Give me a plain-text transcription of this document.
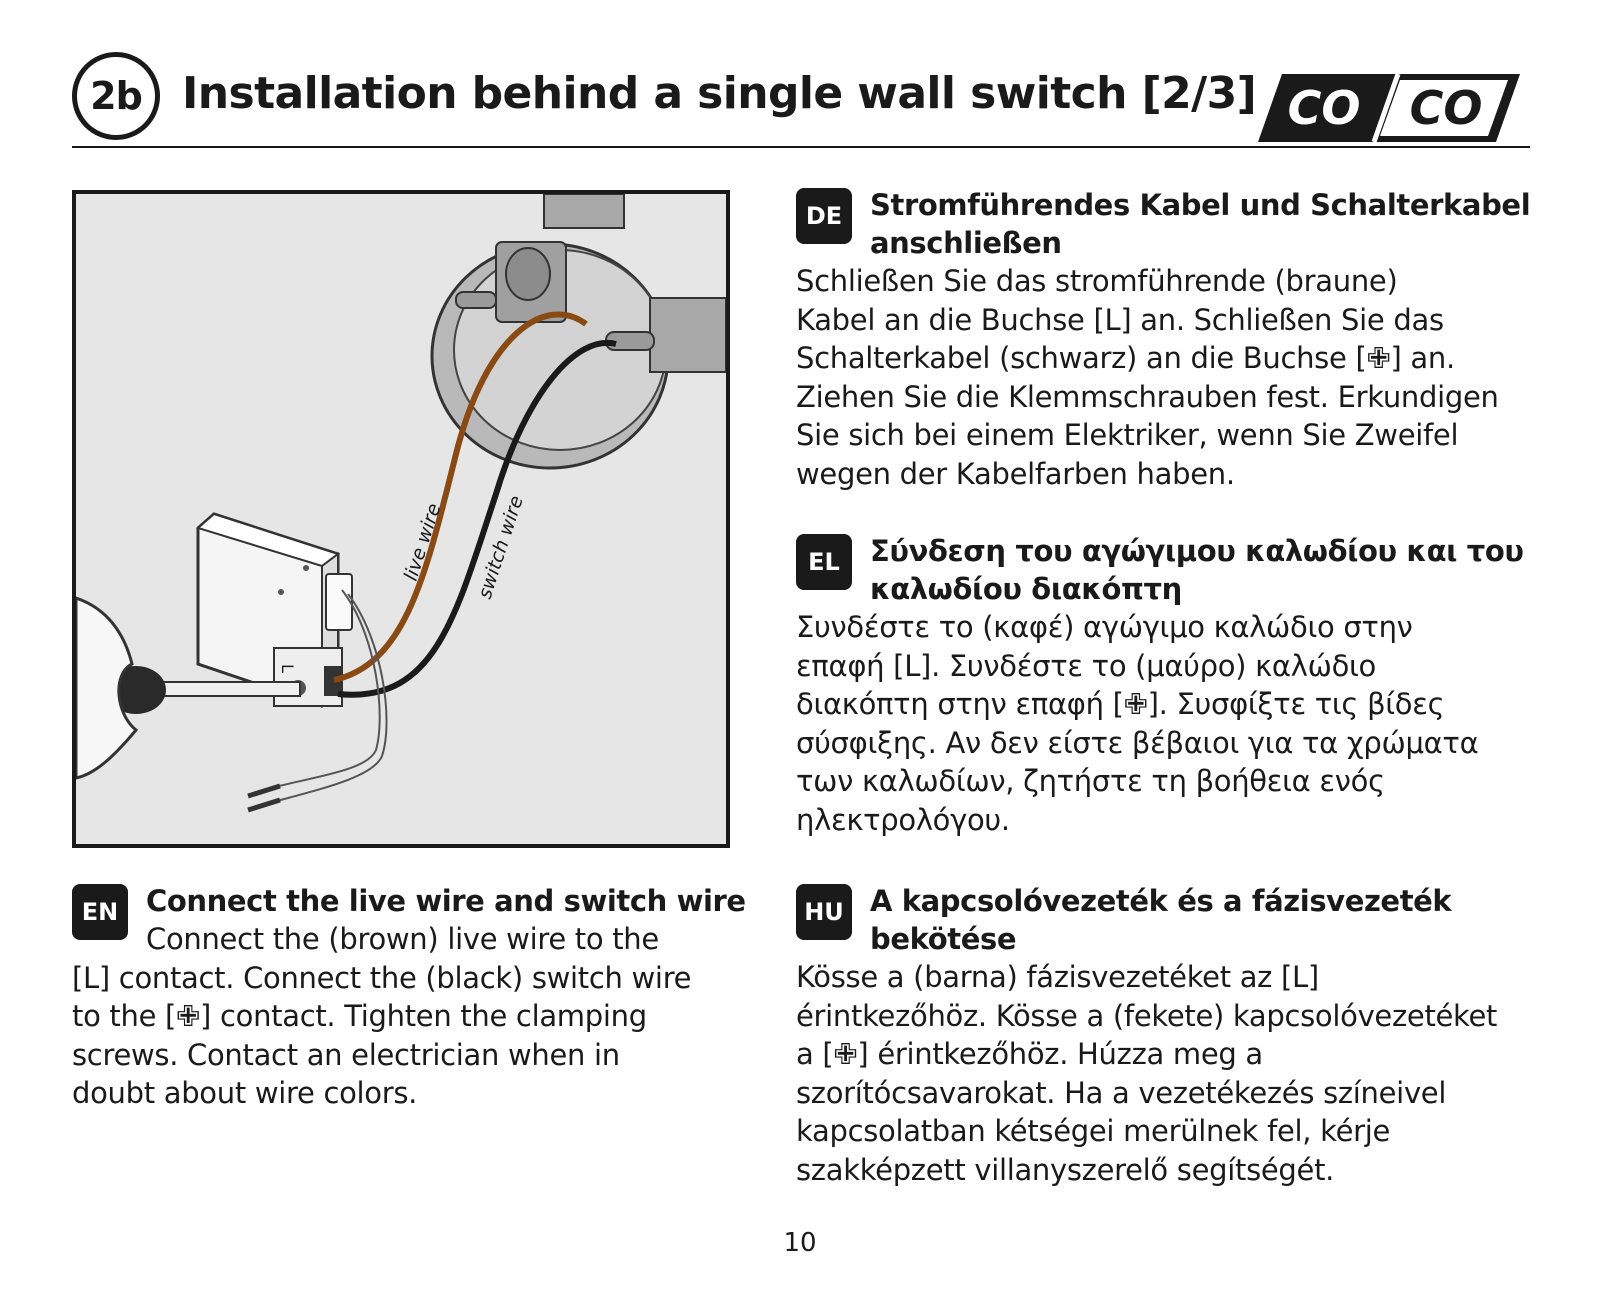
2b Installation behind a single wall switch [2/3] CO CO
L
live wire switch wire
DE Stromführendes Kabel und Schalterkabel
anschließen

Schließen Sie das stromführende (braune)

Kabel an die Buchse [L] an. Schließen Sie das

Schalterkabel (schwarz) an die Buchse [✙] an.

Ziehen Sie die Klemmschrauben fest. Erkundigen

Sie sich bei einem Elektriker, wenn Sie Zweifel

wegen der Kabelfarben haben.

EL	Σύνδεση του αγώγιμου καλωδίου και του
καλωδίου διακόπτη

Συνδέστε το (καφέ) αγώγιμο καλώδιο στην

επαφή [L]. Συνδέστε το (μαύρο) καλώδιο

διακόπτη στην επαφή [✙]. Συσφίξτε τις βίδες

σύσφιξης. Αν δεν είστε βέβαιοι για τα χρώματα

των καλωδίων, ζητήστε τη βοήθεια ενός

ηλεκτρολόγου.

EN Connect the live wire and switch wire

Connect the (brown) live wire to the

[L] contact. Connect the (black) switch wire

to the [✙] contact. Tighten the clamping

screws. Contact an electrician when in

doubt about wire colors.

HU A kapcsolóvezeték és a fázisvezeték
bekötése

Kösse a (barna) fázisvezetéket az [L]

érintkezőhöz. Kösse a (fekete) kapcsolóvezetéket

a [✙] érintkezőhöz. Húzza meg a

szorítócsavarokat. Ha a vezetékezés színeivel

kapcsolatban kétségei merülnek fel, kérje

szakképzett villanyszerelő segítségét.

10
